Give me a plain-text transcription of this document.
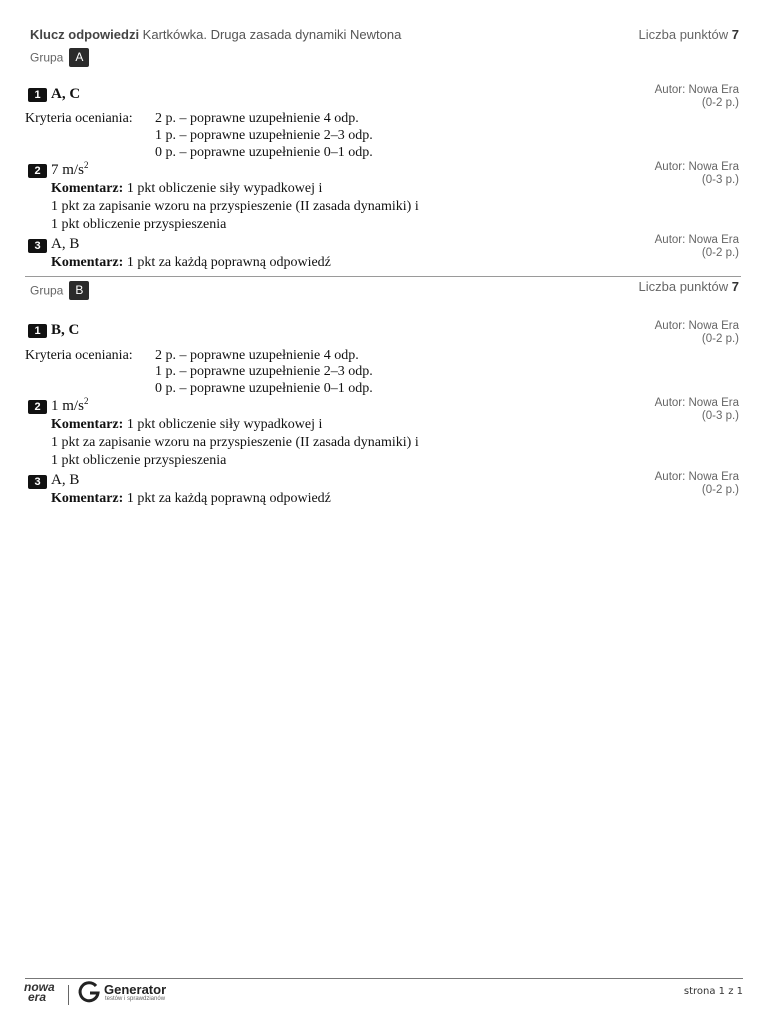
Klucz odpowiedzi Kartkówka. Druga zasada dynamiki Newtona	Liczba punktów 7
Grupa A
1 A, C	Autor: Nowa Era
(0-2 p.)
Kryteria oceniania: 2 p. – poprawne uzupełnienie 4 odp.
1 p. – poprawne uzupełnienie 2–3 odp.
0 p. – poprawne uzupełnienie 0–1 odp.
2 7 $m/s^2$	Autor: Nowa Era
(0-3 p.)
Komentarz: 1 pkt obliczenie siły wypadkowej i
1 pkt za zapisanie wzoru na przyspieszenie (II zasada dynamiki) i
1 pkt obliczenie przyspieszenia
3 A, B	Autor: Nowa Era
(0-2 p.)
Komentarz: 1 pkt za każdą poprawną odpowiedź
Grupa B	Liczba punktów 7
1 B, C	Autor: Nowa Era
(0-2 p.)
Kryteria oceniania: 2 p. – poprawne uzupełnienie 4 odp.
1 p. – poprawne uzupełnienie 2–3 odp.
0 p. – poprawne uzupełnienie 0–1 odp.
2 1 $m/s^2$	Autor: Nowa Era
(0-3 p.)
Komentarz: 1 pkt obliczenie siły wypadkowej i
1 pkt za zapisanie wzoru na przyspieszenie (II zasada dynamiki) i
1 pkt obliczenie przyspieszenia
3 A, B	Autor: Nowa Era
(0-2 p.)
Komentarz: 1 pkt za każdą poprawną odpowiedź
nowa
era	Generator
testów i sprawdzianów
strona 1 z 1
